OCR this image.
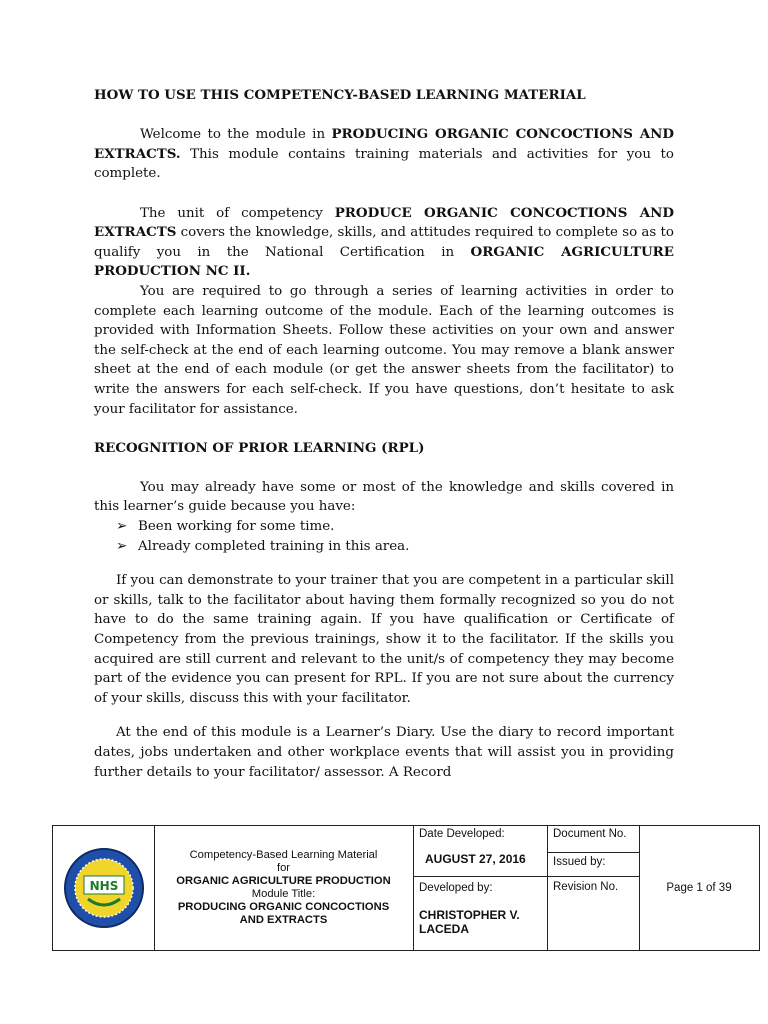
HOW TO USE THIS COMPETENCY-BASED LEARNING MATERIAL

Welcome to the module in PRODUCING ORGANIC CONCOCTIONS AND EXTRACTS. This module contains training materials and activities for you to complete.

The unit of competency PRODUCE ORGANIC CONCOCTIONS AND EXTRACTS covers the knowledge, skills, and attitudes required to complete so as to qualify you in the National Certification in ORGANIC AGRICULTURE PRODUCTION NC II.

You are required to go through a series of learning activities in order to complete each learning outcome of the module. Each of the learning outcomes is provided with Information Sheets. Follow these activities on your own and answer the self-check at the end of each learning outcome. You may remove a blank answer sheet at the end of each module (or get the answer sheets from the facilitator) to write the answers for each self-check. If you have questions, don’t hesitate to ask your facilitator for assistance.

RECOGNITION OF PRIOR LEARNING (RPL)

You may already have some or most of the knowledge and skills covered in this learner’s guide because you have:

➢ Been working for some time.
➢ Already completed training in this area.

If you can demonstrate to your trainer that you are competent in a particular skill or skills, talk to the facilitator about having them formally recognized so you do not have to do the same training again. If you have qualification or Certificate of Competency from the previous trainings, show it to the facilitator. If the skills you acquired are still current and relevant to the unit/s of competency they may become part of the evidence you can present for RPL. If you are not sure about the currency of your skills, discuss this with your facilitator.

At the end of this module is a Learner’s Diary. Use the diary to record important dates, jobs undertaken and other workplace events that will assist you in providing further details to your facilitator/ assessor. A Record

NHS
Competency-Based Learning Material
for
ORGANIC AGRICULTURE PRODUCTION
Module Title:
PRODUCING ORGANIC CONCOCTIONS AND EXTRACTS
Date Developed:
AUGUST 27, 2016
Developed by:
CHRISTOPHER V. LACEDA
Document No.
Issued by:
Revision No.	Page 1 of 39
